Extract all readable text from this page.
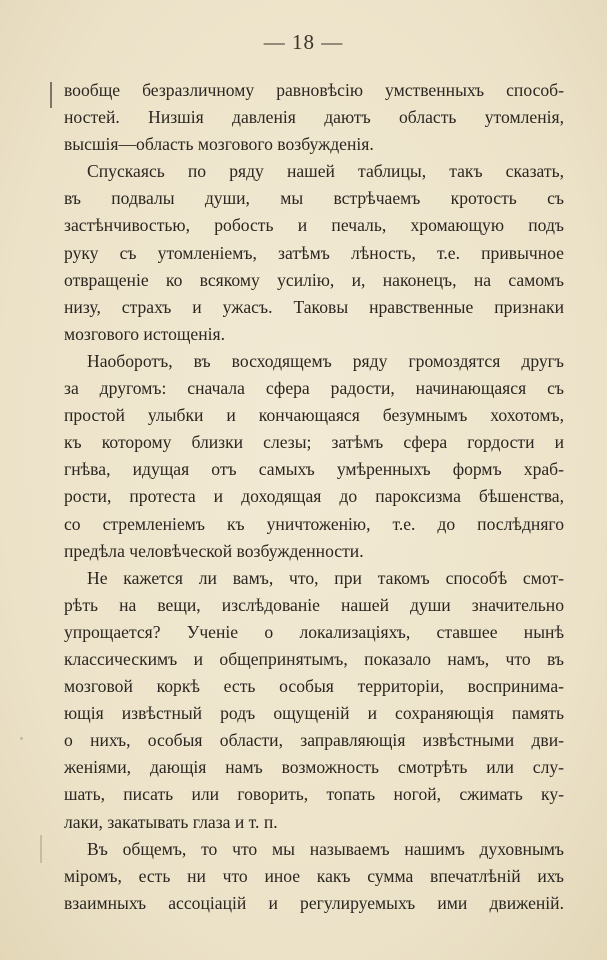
— 18 —
вообще безразличному равновѣсію умственныхъ способ-
ностей. Низшія давленія даютъ область утомленія,
высшія—область мозгового возбужденія.
Спускаясь по ряду нашей таблицы, такъ сказать,
въ подвалы души, мы встрѣчаемъ кротость съ
застѣнчивостью, робость и печаль, хромающую подъ
руку съ утомленіемъ, затѣмъ лѣность, т.е. привычное
отвращеніе ко всякому усилію, и, наконецъ, на самомъ
низу, страхъ и ужасъ. Таковы нравственные признаки
мозгового истощенія.
Наоборотъ, въ восходящемъ ряду громоздятся другъ
за другомъ: сначала сфера радости, начинающаяся съ
простой улыбки и кончающаяся безумнымъ хохотомъ,
къ которому близки слезы; затѣмъ сфера гордости и
гнѣва, идущая отъ самыхъ умѣренныхъ формъ храб-
рости, протеста и доходящая до пароксизма бѣшенства,
со стремленіемъ къ уничтоженію, т.е. до послѣдняго
предѣла человѣческой возбужденности.
Не кажется ли вамъ, что, при такомъ способѣ смот-
рѣть на вещи, изслѣдованіе нашей души значительно
упрощается? Ученіе о локализаціяхъ, ставшее нынѣ
классическимъ и общепринятымъ, показало намъ, что въ
мозговой коркѣ есть особыя территоріи, воспринима-
ющія извѣстный родъ ощущеній и сохраняющія память
о нихъ, особыя области, заправляющія извѣстными дви-
женіями, дающія намъ возможность смотрѣть или слу-
шать, писать или говорить, топать ногой, сжимать ку-
лаки, закатывать глаза и т. п.
Въ общемъ, то что мы называемъ нашимъ духовнымъ
міромъ, есть ни что иное какъ сумма впечатлѣній ихъ
взаимныхъ ассоціацій и регулируемыхъ ими движеній.
